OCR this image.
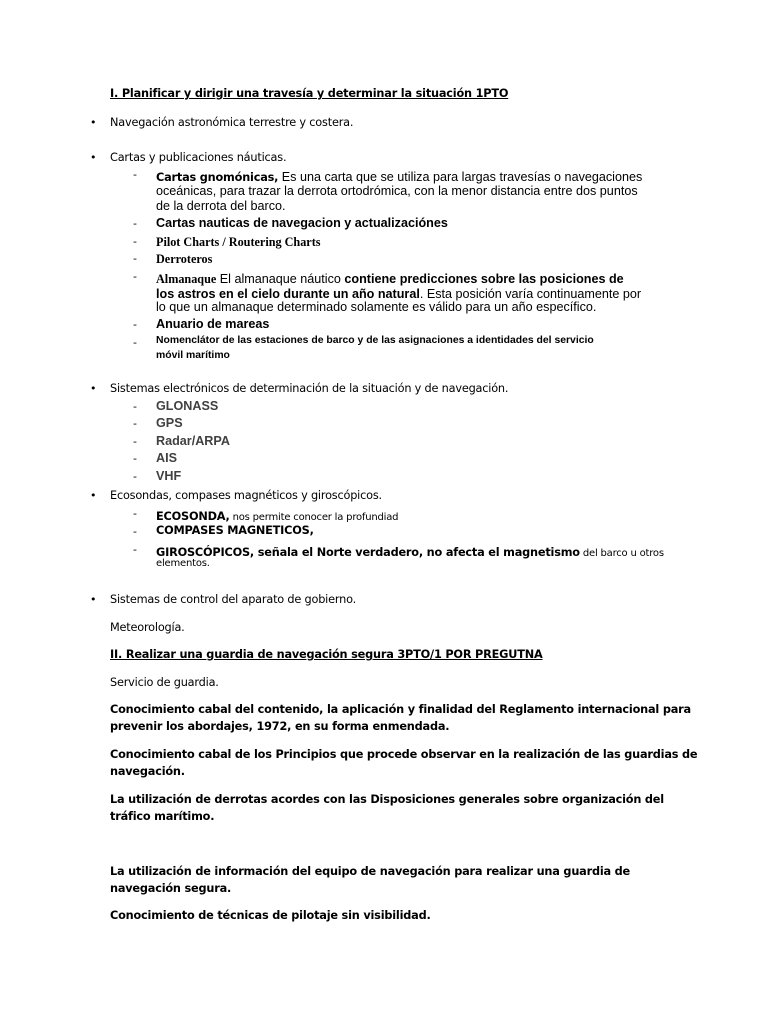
I. Planificar y dirigir una travesía y determinar la situación 1PTO
• Navegación astronómica terrestre y costera.
• Cartas y publicaciones náuticas.
- Cartas gnomónicas, Es una carta que se utiliza para largas travesías o navegaciones
oceánicas, para trazar la derrota ortodrómica, con la menor distancia entre dos puntos
de la derrota del barco.
- Cartas nauticas de navegacion y actualizaciónes
- Pilot Charts / Routering Charts
- Derroteros
- Almanaque El almanaque náutico contiene predicciones sobre las posiciones de
los astros en el cielo durante un año natural. Esta posición varía continuamente por
lo que un almanaque determinado solamente es válido para un año específico.
- Anuario de mareas
- Nomenclátor de las estaciones de barco y de las asignaciones a identidades del servicio
móvil marítimo
• Sistemas electrónicos de determinación de la situación y de navegación.
- GLONASS
- GPS
- Radar/ARPA
- AIS
- VHF
• Ecosondas, compases magnéticos y giroscópicos.
- ECOSONDA, nos permite conocer la profundiad
- COMPASES MAGNETICOS,
- GIROSCÓPICOS, señala el Norte verdadero, no afecta el magnetismo del barco u otros
elementos.
• Sistemas de control del aparato de gobierno.
Meteorología.
II. Realizar una guardia de navegación segura 3PTO/1 POR PREGUTNA
Servicio de guardia.
Conocimiento cabal del contenido, la aplicación y finalidad del Reglamento internacional para
prevenir los abordajes, 1972, en su forma enmendada.
Conocimiento cabal de los Principios que procede observar en la realización de las guardias de
navegación.
La utilización de derrotas acordes con las Disposiciones generales sobre organización del
tráfico marítimo.
La utilización de información del equipo de navegación para realizar una guardia de
navegación segura.
Conocimiento de técnicas de pilotaje sin visibilidad.
